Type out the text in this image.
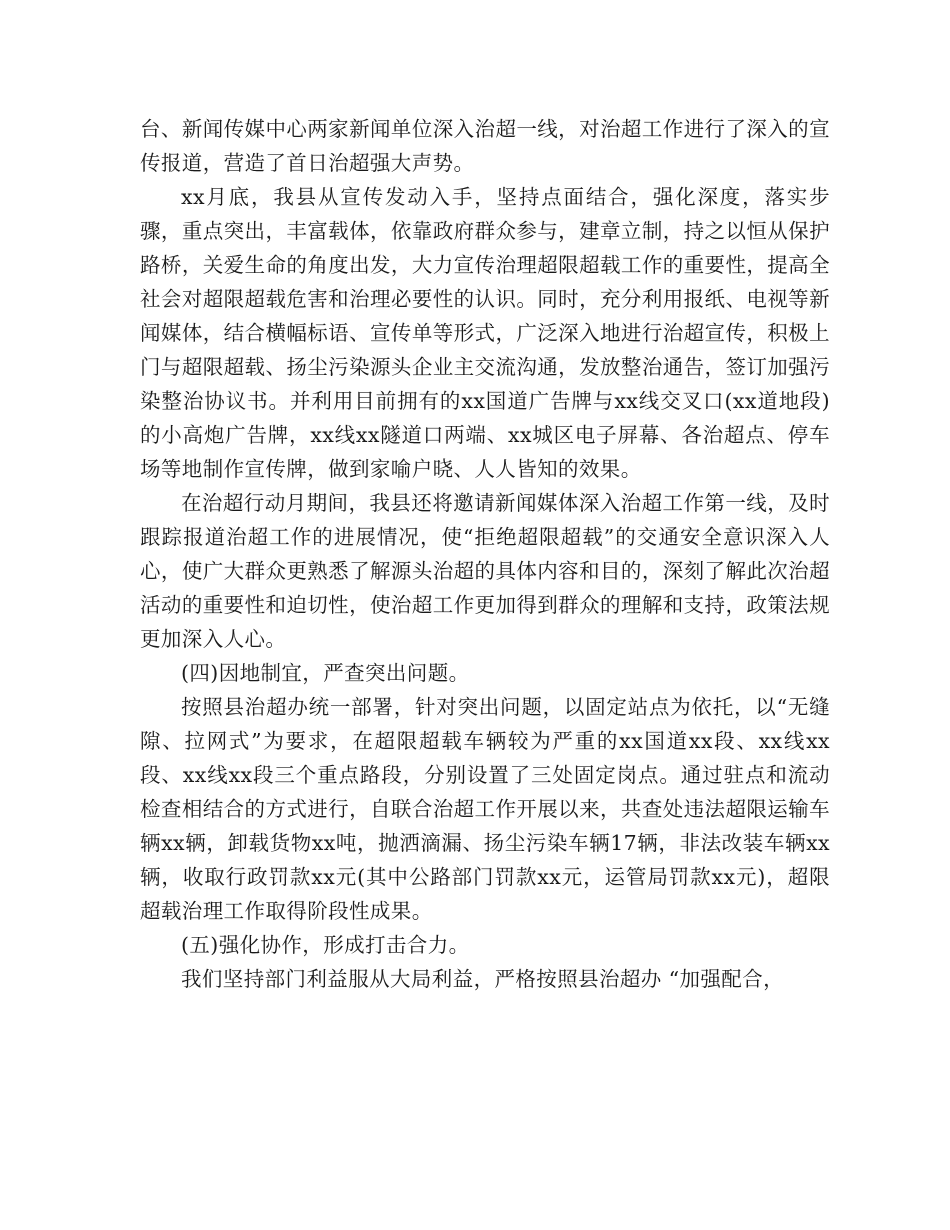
台、新闻传媒中心两家新闻单位深入治超一线，对治超工作进行了深入的宣传报道，营造了首日治超强大声势。

xx月底，我县从宣传发动入手，坚持点面结合，强化深度，落实步骤，重点突出，丰富载体，依靠政府群众参与，建章立制，持之以恒从保护路桥，关爱生命的角度出发，大力宣传治理超限超载工作的重要性，提高全社会对超限超载危害和治理必要性的认识。同时，充分利用报纸、电视等新闻媒体，结合横幅标语、宣传单等形式，广泛深入地进行治超宣传，积极上门与超限超载、扬尘污染源头企业主交流沟通，发放整治通告，签订加强污染整治协议书。并利用目前拥有的xx国道广告牌与xx线交叉口(xx道地段)的小高炮广告牌，xx线xx隧道口两端、xx城区电子屏幕、各治超点、停车场等地制作宣传牌，做到家喻户晓、人人皆知的效果。

在治超行动月期间，我县还将邀请新闻媒体深入治超工作第一线，及时跟踪报道治超工作的进展情况，使“拒绝超限超载”的交通安全意识深入人心，使广大群众更熟悉了解源头治超的具体内容和目的，深刻了解此次治超活动的重要性和迫切性，使治超工作更加得到群众的理解和支持，政策法规更加深入人心。

(四)因地制宜，严查突出问题。

按照县治超办统一部署，针对突出问题，以固定站点为依托，以“无缝隙、拉网式”为要求，在超限超载车辆较为严重的xx国道xx段、xx线xx段、xx线xx段三个重点路段，分别设置了三处固定岗点。通过驻点和流动检查相结合的方式进行，自联合治超工作开展以来，共查处违法超限运输车辆xx辆，卸载货物xx吨，抛洒滴漏、扬尘污染车辆17辆，非法改装车辆xx辆，收取行政罚款xx元(其中公路部门罚款xx元，运管局罚款xx元)，超限超载治理工作取得阶段性成果。

(五)强化协作，形成打击合力。

我们坚持部门利益服从大局利益，严格按照县治超办 “加强配合，
